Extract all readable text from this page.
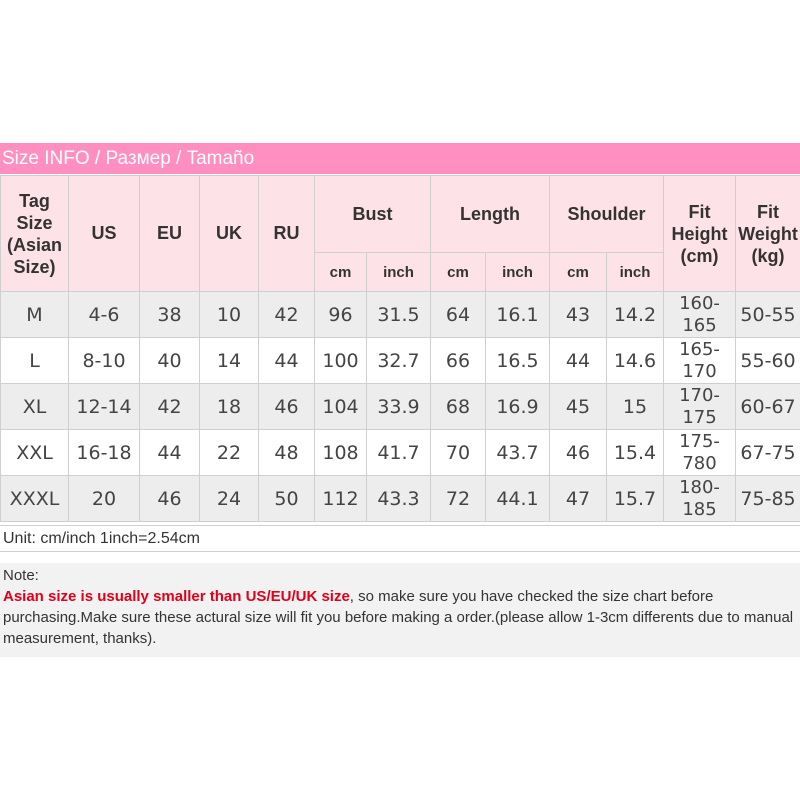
Size INFO / Размер / Tamaño
Tag Size (Asian Size)	US	EU	UK	RU	Bust		Length		Shoulder		Fit Height (cm)	Fit Weight (kg)
					cm	inch	cm	inch	cm	inch		
M	4-6	38	10	42	96	31.5	64	16.1	43	14.2	160-165	50-55
L	8-10	40	14	44	100	32.7	66	16.5	44	14.6	165-170	55-60
XL	12-14	42	18	46	104	33.9	68	16.9	45	15	170-175	60-67
XXL	16-18	44	22	48	108	41.7	70	43.7	46	15.4	175-780	67-75
XXXL	20	46	24	50	112	43.3	72	44.1	47	15.7	180-185	75-85
Unit: cm/inch 1inch=2.54cm
Note:
Asian size is usually smaller than US/EU/UK size, so make sure you have checked the size chart before purchasing.Make sure these actural size will fit you before making a order.(please allow 1-3cm differents due to manual measurement, thanks).
